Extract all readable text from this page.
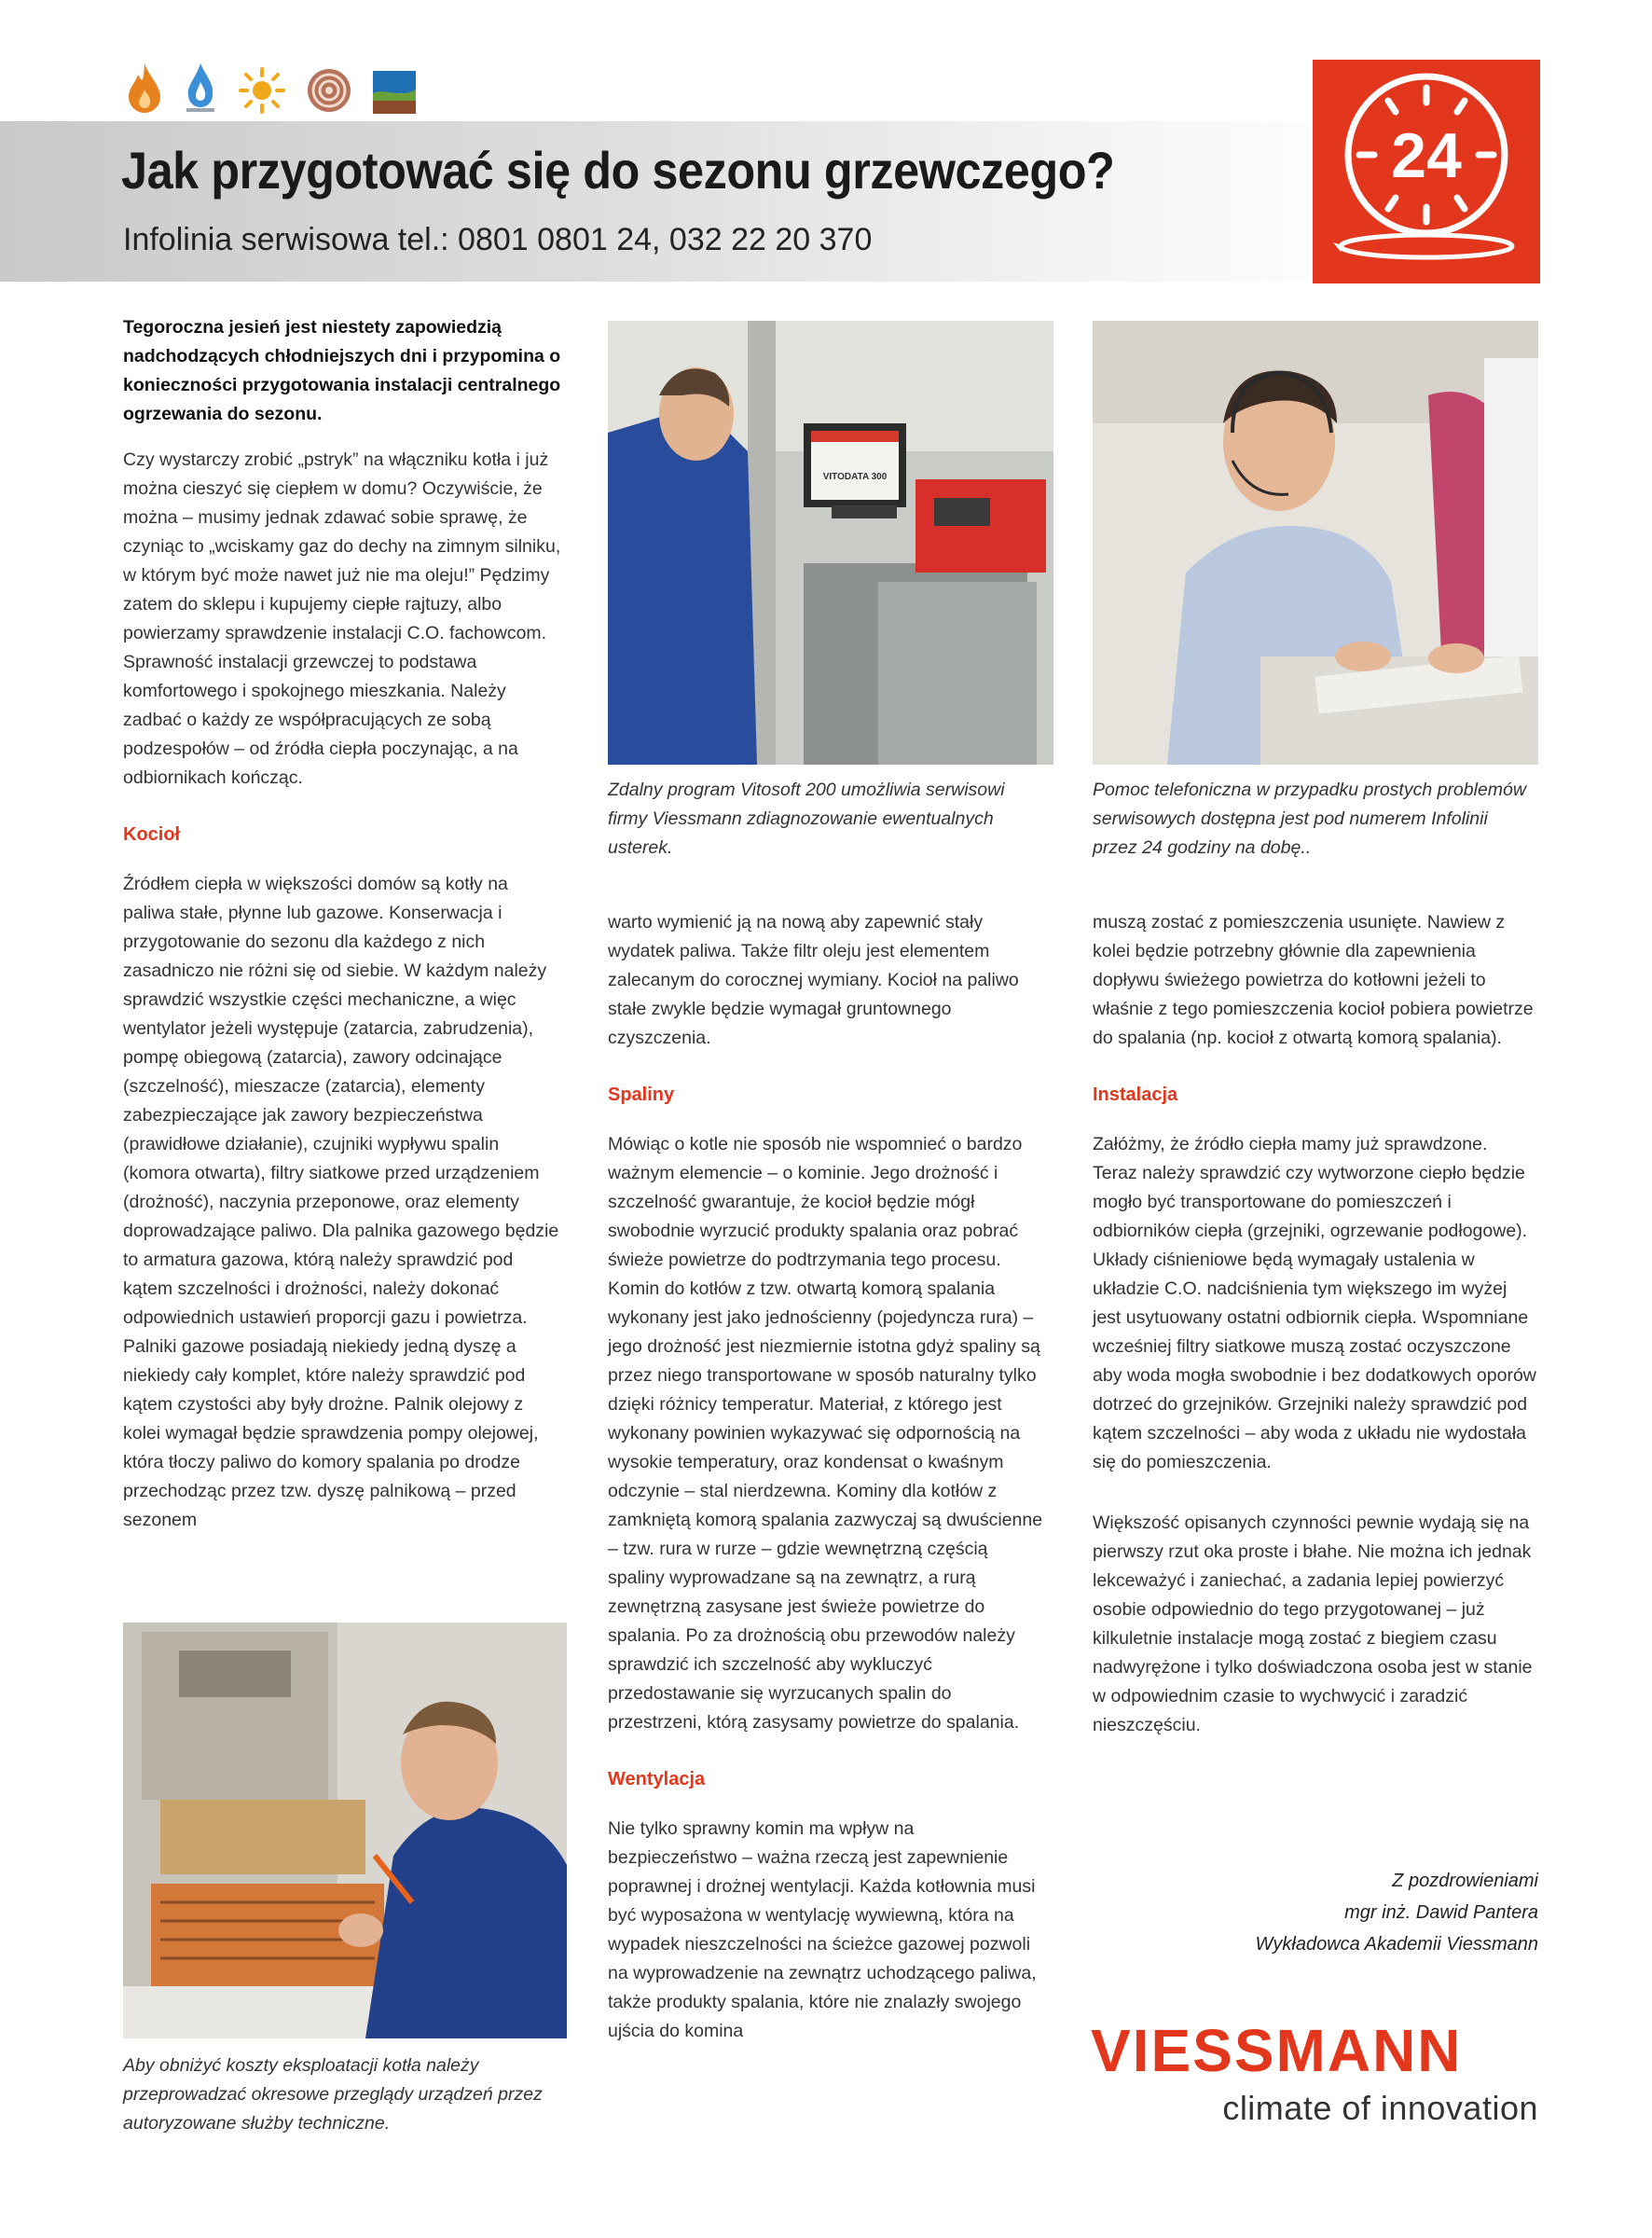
Jak przygotować się do sezonu grzewczego?
Infolinia serwisowa tel.: 0801 0801 24, 032 22 20 370
24

Tegoroczna jesień jest niestety zapowiedzią nadchodzących chłodniejszych dni i przypomina o konieczności przygotowania instalacji centralnego ogrzewania do sezonu.

Czy wystarczy zrobić „pstryk” na włączniku kotła i już można cieszyć się ciepłem w domu? Oczywiście, że można – musimy jednak zdawać sobie sprawę, że czyniąc to „wciskamy gaz do dechy na zimnym silniku, w którym być może nawet już nie ma oleju!” Pędzimy zatem do sklepu i kupujemy ciepłe rajtuzy, albo powierzamy sprawdzenie instalacji C.O. fachowcom. Sprawność instalacji grzewczej to podstawa komfortowego i spokojnego mieszkania. Należy zadbać o każdy ze współpracujących ze sobą podzespołów – od źródła ciepła poczynając, a na odbiornikach kończąc.

Kocioł

Źródłem ciepła w większości domów są kotły na paliwa stałe, płynne lub gazowe. Konserwacja i przygotowanie do sezonu dla każdego z nich zasadniczo nie różni się od siebie. W każdym należy sprawdzić wszystkie części mechaniczne, a więc wentylator jeżeli występuje (zatarcia, zabrudzenia), pompę obiegową (zatarcia), zawory odcinające (szczelność), mieszacze (zatarcia), elementy zabezpieczające jak zawory bezpieczeństwa (prawidłowe działanie), czujniki wypływu spalin (komora otwarta), filtry siatkowe przed urządzeniem (drożność), naczynia przeponowe, oraz elementy doprowadzające paliwo. Dla palnika gazowego będzie to armatura gazowa, którą należy sprawdzić pod kątem szczelności i drożności, należy dokonać odpowiednich ustawień proporcji gazu i powietrza. Palniki gazowe posiadają niekiedy jedną dyszę a niekiedy cały komplet, które należy sprawdzić pod kątem czystości aby były drożne. Palnik olejowy z kolei wymagał będzie sprawdzenia pompy olejowej, która tłoczy paliwo do komory spalania po drodze przechodząc przez tzw. dyszę palnikową – przed sezonem

Aby obniżyć koszty eksploatacji kotła należy przeprowadzać okresowe przeglądy urządzeń przez autoryzowane służby techniczne.
VITODATA 300
Zdalny program Vitosoft 200 umożliwia serwisowi firmy Viessmann zdiagnozowanie ewentualnych usterek.

warto wymienić ją na nową aby zapewnić stały wydatek paliwa. Także filtr oleju jest elementem zalecanym do corocznej wymiany. Kocioł na paliwo stałe zwykle będzie wymagał gruntownego czyszczenia.

Spaliny

Mówiąc o kotle nie sposób nie wspomnieć o bardzo ważnym elemencie – o kominie. Jego drożność i szczelność gwarantuje, że kocioł będzie mógł swobodnie wyrzucić produkty spalania oraz pobrać świeże powietrze do podtrzymania tego procesu. Komin do kotłów z tzw. otwartą komorą spalania wykonany jest jako jednościenny (pojedyncza rura) – jego drożność jest niezmiernie istotna gdyż spaliny są przez niego transportowane w sposób naturalny tylko dzięki różnicy temperatur. Materiał, z którego jest wykonany powinien wykazywać się odpornością na wysokie temperatury, oraz kondensat o kwaśnym odczynie – stal nierdzewna. Kominy dla kotłów z zamkniętą komorą spalania zazwyczaj są dwuścienne – tzw. rura w rurze – gdzie wewnętrzną częścią spaliny wyprowadzane są na zewnątrz, a rurą zewnętrzną zasysane jest świeże powietrze do spalania. Po za drożnością obu przewodów należy sprawdzić ich szczelność aby wykluczyć przedostawanie się wyrzucanych spalin do przestrzeni, którą zasysamy powietrze do spalania.

Wentylacja

Nie tylko sprawny komin ma wpływ na bezpieczeństwo – ważna rzeczą jest zapewnienie poprawnej i drożnej wentylacji. Każda kotłownia musi być wyposażona w wentylację wywiewną, która na wypadek nieszczelności na ścieżce gazowej pozwoli na wyprowadzenie na zewnątrz uchodzącego paliwa, także produkty spalania, które nie znalazły swojego ujścia do komina

Pomoc telefoniczna w przypadku prostych problemów serwisowych dostępna jest pod numerem Infolinii przez 24 godziny na dobę..

muszą zostać z pomieszczenia usunięte. Nawiew z kolei będzie potrzebny głównie dla zapewnienia dopływu świeżego powietrza do kotłowni jeżeli to właśnie z tego pomieszczenia kocioł pobiera powietrze do spalania (np. kocioł z otwartą komorą spalania).

Instalacja

Załóżmy, że źródło ciepła mamy już sprawdzone. Teraz należy sprawdzić czy wytworzone ciepło będzie mogło być transportowane do pomieszczeń i odbiorników ciepła (grzejniki, ogrzewanie podłogowe). Układy ciśnieniowe będą wymagały ustalenia w układzie C.O. nadciśnienia tym większego im wyżej jest usytuowany ostatni odbiornik ciepła. Wspomniane wcześniej filtry siatkowe muszą zostać oczyszczone aby woda mogła swobodnie i bez dodatkowych oporów dotrzeć do grzejników. Grzejniki należy sprawdzić pod kątem szczelności – aby woda z układu nie wydostała się do pomieszczenia.

Większość opisanych czynności pewnie wydają się na pierwszy rzut oka proste i błahe. Nie można ich jednak lekceważyć i zaniechać, a zadania lepiej powierzyć osobie odpowiednio do tego przygotowanej – już kilkuletnie instalacje mogą zostać z biegiem czasu nadwyrężone i tylko doświadczona osoba jest w stanie w odpowiednim czasie to wychwycić i zaradzić nieszczęściu.

Z pozdrowieniami
mgr inż. Dawid Pantera
Wykładowca Akademii Viessmann
VIESSMANN
climate of innovation
